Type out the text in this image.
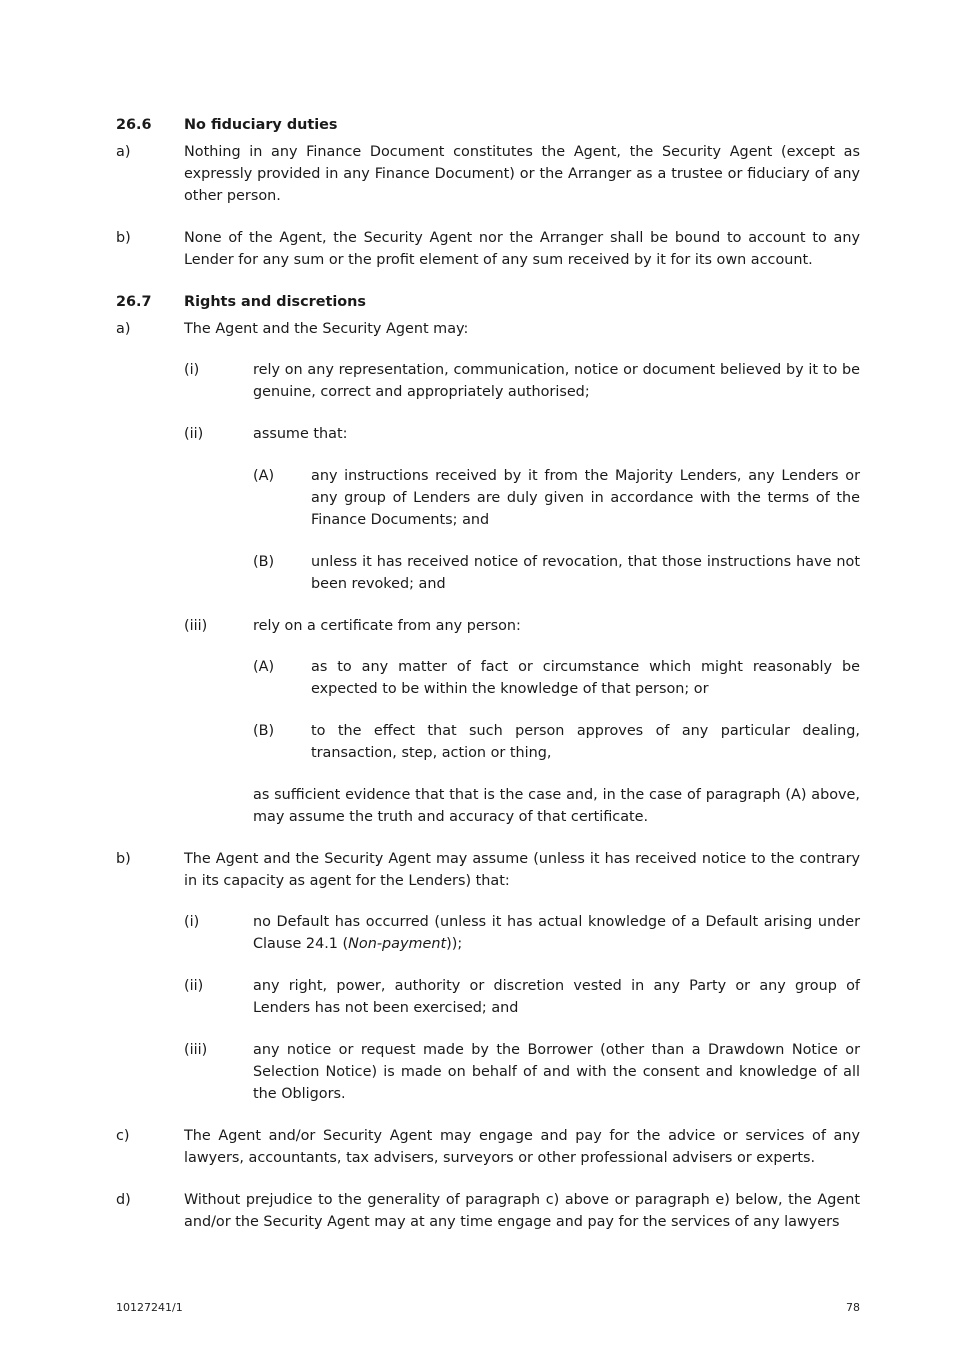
26.6 No fiduciary duties
a)	Nothing in any Finance Document constitutes the Agent, the Security Agent (except as expressly provided in any Finance Document) or the Arranger as a trustee or fiduciary of any other person.
b)	None of the Agent, the Security Agent nor the Arranger shall be bound to account to any Lender for any sum or the profit element of any sum received by it for its own account.
26.7 Rights and discretions
a)	The Agent and the Security Agent may:
(i)	rely on any representation, communication, notice or document believed by it to be genuine, correct and appropriately authorised;
(ii)	assume that:
(A)	any instructions received by it from the Majority Lenders, any Lenders or any group of Lenders are duly given in accordance with the terms of the Finance Documents; and
(B)	unless it has received notice of revocation, that those instructions have not been revoked; and
(iii)	rely on a certificate from any person:
(A)	as to any matter of fact or circumstance which might reasonably be expected to be within the knowledge of that person; or
(B)	to the effect that such person approves of any particular dealing, transaction, step, action or thing,
as sufficient evidence that that is the case and, in the case of paragraph (A) above, may assume the truth and accuracy of that certificate.
b)	The Agent and the Security Agent may assume (unless it has received notice to the contrary in its capacity as agent for the Lenders) that:
(i)	no Default has occurred (unless it has actual knowledge of a Default arising under Clause 24.1 (Non-payment));
(ii)	any right, power, authority or discretion vested in any Party or any group of Lenders has not been exercised; and
(iii)	any notice or request made by the Borrower (other than a Drawdown Notice or Selection Notice) is made on behalf of and with the consent and knowledge of all the Obligors.
c)	The Agent and/or Security Agent may engage and pay for the advice or services of any lawyers, accountants, tax advisers, surveyors or other professional advisers or experts.
d)	Without prejudice to the generality of paragraph c) above or paragraph e) below, the Agent and/or the Security Agent may at any time engage and pay for the services of any lawyers
10127241/1	78
